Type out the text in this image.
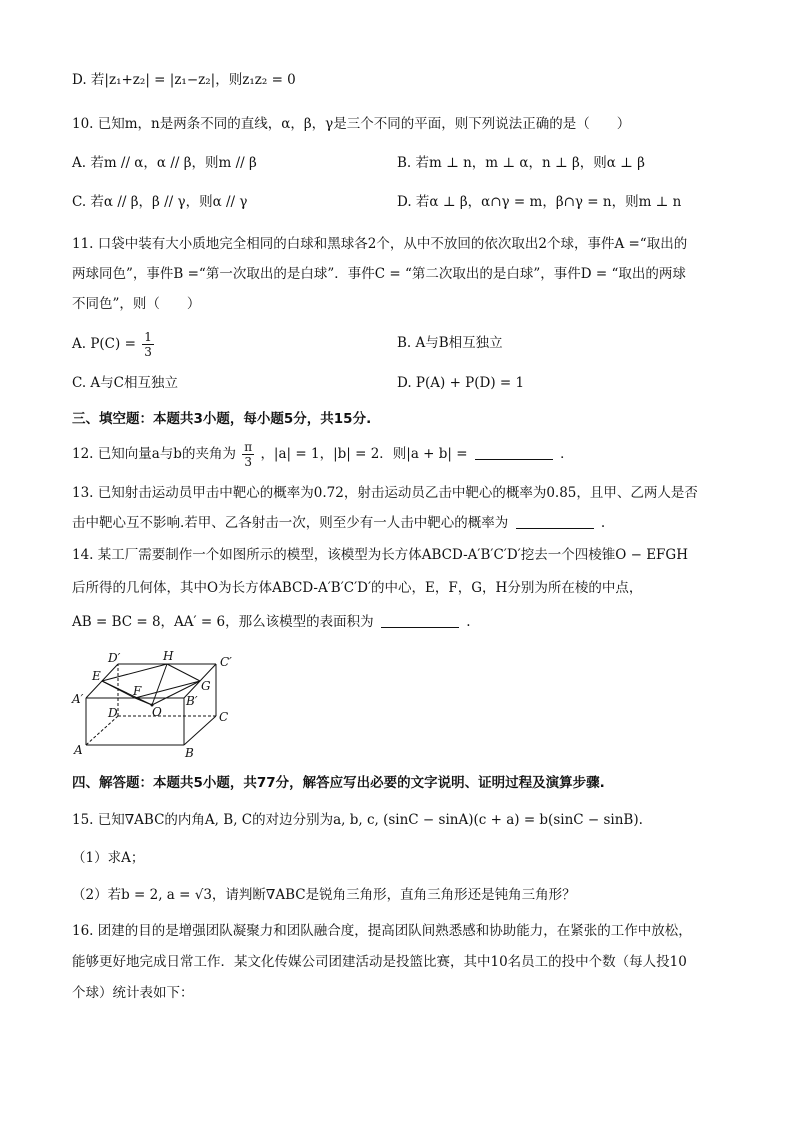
D. 若|z₁+z₂| = |z₁−z₂|，则z₁z₂ = 0
10. 已知m，n是两条不同的直线，α，β，γ是三个不同的平面，则下列说法正确的是（　　）
A. 若m // α，α // β，则m // β	B. 若m ⊥ n，m ⊥ α，n ⊥ β，则α ⊥ β
C. 若α // β，β // γ，则α // γ	D. 若α ⊥ β，α∩γ = m，β∩γ = n，则m ⊥ n
11. 口袋中装有大小质地完全相同的白球和黑球各2个，从中不放回的依次取出2个球，事件A =“取出的
两球同色”，事件B =“第一次取出的是白球”．事件C = “第二次取出的是白球”，事件D = “取出的两球
不同色”，则（　　）
A. $P(C) = \frac{1}{3}$	B. A与B相互独立
C. A与C相互独立	D. P(A) + P(D) = 1
三、填空题：本题共3小题，每小题5分，共15分.
12. 已知向量a与b的夹角为 $\frac{\pi}{3}$ ，|a| = 1，|b| = 2．则|a + b| =	．
13. 已知射击运动员甲击中靶心的概率为0.72，射击运动员乙击中靶心的概率为0.85，且甲、乙两人是否
击中靶心互不影响.若甲、乙各射击一次，则至少有一人击中靶心的概率为	.
14. 某工厂需要制作一个如图所示的模型，该模型为长方体ABCD-A′B′C′D′挖去一个四棱锥O − EFGH
后所得的几何体，其中O为长方体ABCD-A′B′C′D′的中心，E，F，G，H分别为所在棱的中点，
AB = BC = 8，AA′ = 6，那么该模型的表面积为	.
D′	H	C′
E
G
A′
F
B′
D	O	C
A	B
四、解答题：本题共5小题，共77分，解答应写出必要的文字说明、证明过程及演算步骤.
15. 已知∇ABC的内角A, B, C的对边分别为a, b, c, (sinC − sinA)(c + a) = b(sinC − sinB).
（1）求A；
（2）若b = 2, a = √3，请判断∇ABC是锐角三角形，直角三角形还是钝角三角形？
16. 团建的目的是增强团队凝聚力和团队融合度，提高团队间熟悉感和协助能力，在紧张的工作中放松，
能够更好地完成日常工作．某文化传媒公司团建活动是投篮比赛，其中10名员工的投中个数（每人投10
个球）统计表如下：
